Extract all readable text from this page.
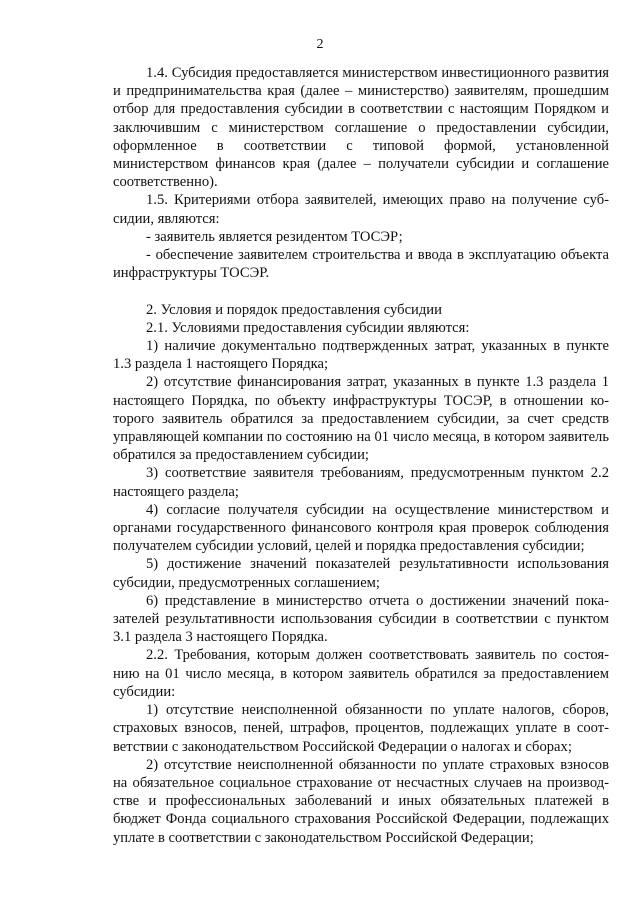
2

1.4. Субсидия предоставляется министерством инвестиционного развития и предпринимательства края (далее – министерство) заявителям, прошедшим отбор для предоставления субсидии в соответствии с настоящим Порядком и заключившим с министерством соглашение о предоставлении субсидии, оформленное в соответствии с типовой формой, установленной министерством финансов края (далее – получатели субсидии и соглашение соответственно).

1.5. Критериями отбора заявителей, имеющих право на получение субсидии, являются:

- заявитель является резидентом ТОСЭР;

- обеспечение заявителем строительства и ввода в эксплуатацию объекта инфраструктуры ТОСЭР.

2. Условия и порядок предоставления субсидии

2.1. Условиями предоставления субсидии являются:

1) наличие документально подтвержденных затрат, указанных в пункте 1.3 раздела 1 настоящего Порядка;

2) отсутствие финансирования затрат, указанных в пункте 1.3 раздела 1 настоящего Порядка, по объекту инфраструктуры ТОСЭР, в отношении которого заявитель обратился за предоставлением субсидии, за счет средств управляющей компании по состоянию на 01 число месяца, в котором заявитель обратился за предоставлением субсидии;

3) соответствие заявителя требованиям, предусмотренным пунктом 2.2 настоящего раздела;

4) согласие получателя субсидии на осуществление министерством и органами государственного финансового контроля края проверок соблюдения получателем субсидии условий, целей и порядка предоставления субсидии;

5) достижение значений показателей результативности использования субсидии, предусмотренных соглашением;

6) представление в министерство отчета о достижении значений показателей результативности использования субсидии в соответствии с пунктом 3.1 раздела 3 настоящего Порядка.

2.2. Требования, которым должен соответствовать заявитель по состоянию на 01 число месяца, в котором заявитель обратился за предоставлением субсидии:

1) отсутствие неисполненной обязанности по уплате налогов, сборов, страховых взносов, пеней, штрафов, процентов, подлежащих уплате в соответствии с законодательством Российской Федерации о налогах и сборах;

2) отсутствие неисполненной обязанности по уплате страховых взносов на обязательное социальное страхование от несчастных случаев на производстве и профессиональных заболеваний и иных обязательных платежей в бюджет Фонда социального страхования Российской Федерации, подлежащих уплате в соответствии с законодательством Российской Федерации;
